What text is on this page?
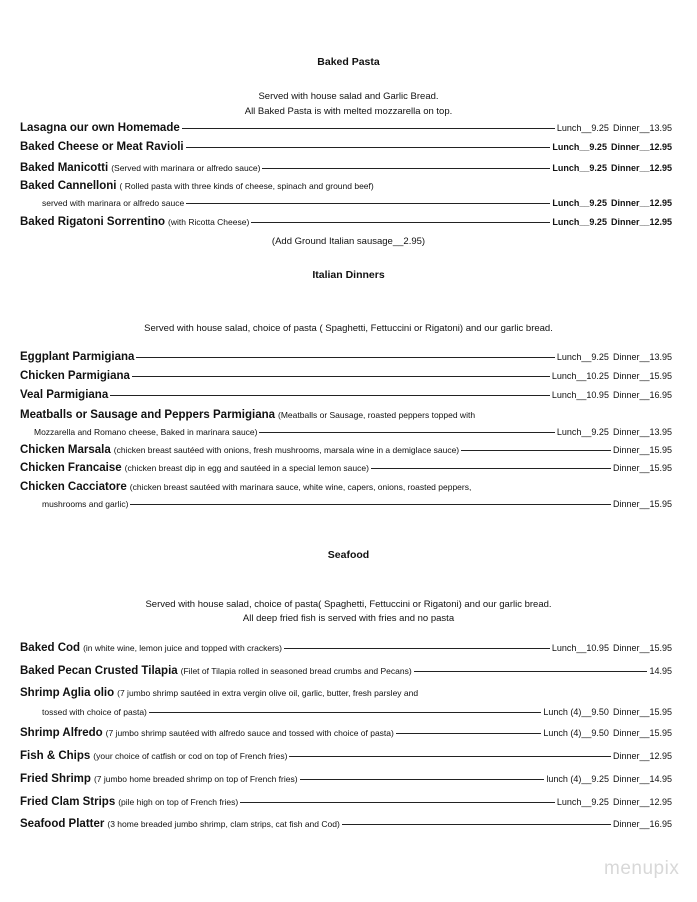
Baked Pasta
Served with house salad and Garlic Bread.
All Baked Pasta is with melted mozzarella on top.
Lasagna our own Homemade	Lunch__9.25 Dinner__13.95
Baked Cheese or Meat Ravioli	Lunch__9.25 Dinner__12.95
Baked Manicotti (Served with marinara or alfredo sauce)	Lunch__9.25 Dinner__12.95
Baked Cannelloni ( Rolled pasta with three kinds of cheese, spinach and ground beef)
served with marinara or alfredo sauce	Lunch__9.25 Dinner__12.95
Baked Rigatoni Sorrentino (with Ricotta Cheese)	Lunch__9.25 Dinner__12.95
(Add Ground Italian sausage__2.95)
Italian Dinners
Served with house salad, choice of pasta ( Spaghetti, Fettuccini or Rigatoni) and our garlic bread.
Eggplant Parmigiana	Lunch__9.25 Dinner__13.95
Chicken Parmigiana	Lunch__10.25 Dinner__15.95
Veal Parmigiana	Lunch__10.95 Dinner__16.95
Meatballs or Sausage and Peppers Parmigiana (Meatballs or Sausage, roasted peppers topped with
Mozzarella and Romano cheese, Baked in marinara sauce)	Lunch__9.25 Dinner__13.95
Chicken Marsala (chicken breast sautéed with onions, fresh mushrooms, marsala wine in a demiglace sauce)	Dinner__15.95
Chicken Francaise (chicken breast dip in egg and sautéed in a special lemon sauce)	Dinner__15.95
Chicken Cacciatore (chicken breast sautéed with marinara sauce, white wine, capers, onions, roasted peppers,
mushrooms and garlic)	Dinner__15.95
Seafood
Served with house salad, choice of pasta( Spaghetti, Fettuccini or Rigatoni) and our garlic bread.
All deep fried fish is served with fries and no pasta
Baked Cod (in white wine, lemon juice and topped with crackers)	Lunch__10.95 Dinner__15.95
Baked Pecan Crusted Tilapia (Filet of Tilapia rolled in seasoned bread crumbs and Pecans)	14.95
Shrimp Aglia olio (7 jumbo shrimp sautéed in extra vergin olive oil, garlic, butter, fresh parsley and
tossed with choice of pasta)	Lunch (4)__9.50 Dinner__15.95
Shrimp Alfredo (7 jumbo shrimp sautéed with alfredo sauce and tossed with choice of pasta)	Lunch (4)__9.50 Dinner__15.95
Fish & Chips (your choice of catfish or cod on top of French fries)	Dinner__12.95
Fried Shrimp (7 jumbo home breaded shrimp on top of French fries)	lunch (4)__9.25 Dinner__14.95
Fried Clam Strips (pile high on top of French fries)	Lunch__9.25 Dinner__12.95
Seafood Platter (3 home breaded jumbo shrimp, clam strips, cat fish and Cod)	Dinner__16.95
menupix
